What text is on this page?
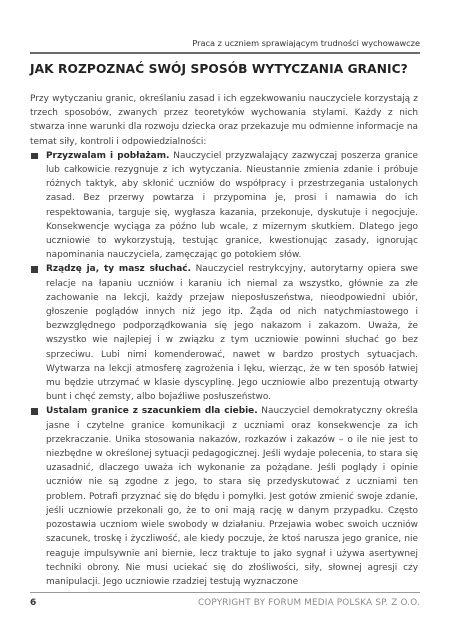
Praca z uczniem sprawiającym trudności wychowawcze
JAK ROZPOZNAĆ SWÓJ SPOSÓB WYTYCZANIA GRANIC?

Przy wytyczaniu granic, określaniu zasad i ich egzekwowaniu nauczyciele korzystają z trzech sposobów, zwanych przez teoretyków wychowania stylami. Każdy z nich stwarza inne warunki dla rozwoju dziecka oraz przekazuje mu odmienne informacje na temat siły, kontroli i odpowiedzialności:

Przyzwalam i pobłażam. Nauczyciel przyzwalający zazwyczaj poszerza granice lub całkowicie rezygnuje z ich wytyczania. Nieustannie zmienia zdanie i próbuje różnych taktyk, aby skłonić uczniów do współpracy i przestrzegania ustalonych zasad. Bez przerwy powtarza i przypomina je, prosi i namawia do ich respektowania, targuje się, wygłasza kazania, przekonuje, dyskutuje i negocjuje. Konsekwencje wyciąga za późno lub wcale, z mizernym skutkiem. Dlatego jego uczniowie to wykorzystują, testując granice, kwestionując zasady, ignorując napominania nauczyciela, zamęczając go potokiem słów.
Rządzę ja, ty masz słuchać. Nauczyciel restrykcyjny, autorytarny opiera swe relacje na łapaniu uczniów i karaniu ich niemal za wszystko, głównie za złe zachowanie na lekcji, każdy przejaw nieposłuszeństwa, nieodpowiedni ubiór, głoszenie poglądów innych niż jego itp. Żąda od nich natychmiastowego i bezwzględnego podporządkowania się jego nakazom i zakazom. Uważa, że wszystko wie najlepiej i w związku z tym uczniowie powinni słuchać go bez sprzeciwu. Lubi nimi komenderować, nawet w bardzo prostych sytuacjach. Wytwarza na lekcji atmosferę zagrożenia i lęku, wierząc, że w ten sposób łatwiej mu będzie utrzymać w klasie dyscyplinę. Jego uczniowie albo prezentują otwarty bunt i chęć zemsty, albo bojaźliwe posłuszeństwo.
Ustalam granice z szacunkiem dla ciebie. Nauczyciel demokratyczny określa jasne i czytelne granice komunikacji z uczniami oraz konsekwencje za ich przekraczanie. Unika stosowania nakazów, rozkazów i zakazów – o ile nie jest to niezbędne w określonej sytuacji pedagogicznej. Jeśli wydaje polecenia, to stara się uzasadnić, dlaczego uważa ich wykonanie za pożądane. Jeśli poglądy i opinie uczniów nie są zgodne z jego, to stara się przedyskutować z uczniami ten problem. Potrafi przyznać się do błędu i pomyłki. Jest gotów zmienić swoje zdanie, jeśli uczniowie przekonali go, że to oni mają rację w danym przypadku. Często pozostawia uczniom wiele swobody w działaniu. Przejawia wobec swoich uczniów szacunek, troskę i życzliwość, ale kiedy poczuje, że ktoś narusza jego granice, nie reaguje impulsywnie ani biernie, lecz traktuje to jako sygnał i używa asertywnej techniki obrony. Nie musi uciekać się do złośliwości, siły, słownej agresji czy manipulacji. Jego uczniowie rzadziej testują wyznaczone
6	COPYRIGHT BY FORUM MEDIA POLSKA SP. Z O.O.
